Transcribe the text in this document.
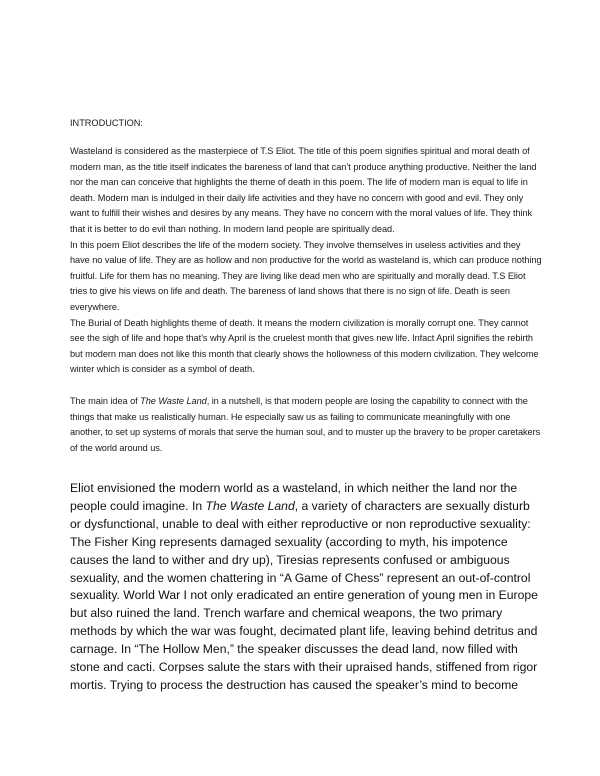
INTRODUCTION:

Wasteland is considered as the masterpiece of T.S Eliot. The title of this poem signifies spiritual and moral death of modern man, as the title itself indicates the bareness of land that can’t produce anything productive. Neither the land nor the man can conceive that highlights the theme of death in this poem. The life of modern man is equal to life in death. Modern man is indulged in their daily life activities and they have no concern with good and evil. They only want to fulfill their wishes and desires by any means. They have no concern with the moral values of life. They think that it is better to do evil than nothing. In modern land people are spiritually dead.

In this poem Eliot describes the life of the modern society. They involve themselves in useless activities and they have no value of life. They are as hollow and non productive for the world as wasteland is, which can produce nothing fruitful. Life for them has no meaning. They are living like dead men who are spiritually and morally dead. T.S Eliot tries to give his views on life and death. The bareness of land shows that there is no sign of life. Death is seen everywhere.

The Burial of Death highlights theme of death. It means the modern civilization is morally corrupt one. They cannot see the sigh of life and hope that’s why April is the cruelest month that gives new life. Infact April signifies the rebirth but modern man does not like this month that clearly shows the hollowness of this modern civilization. They welcome winter which is consider as a symbol of death.

The main idea of The Waste Land, in a nutshell, is that modern people are losing the capability to connect with the things that make us realistically human. He especially saw us as failing to communicate meaningfully with one another, to set up systems of morals that serve the human soul, and to muster up the bravery to be proper caretakers of the world around us.

Eliot envisioned the modern world as a wasteland, in which neither the land nor the people could imagine. In The Waste Land, a variety of characters are sexually disturb or dysfunctional, unable to deal with either reproductive or non reproductive sexuality: The Fisher King represents damaged sexuality (according to myth, his impotence causes the land to wither and dry up), Tiresias represents confused or ambiguous sexuality, and the women chattering in “A Game of Chess” represent an out-of-control sexuality. World War I not only eradicated an entire generation of young men in Europe but also ruined the land. Trench warfare and chemical weapons, the two primary methods by which the war was fought, decimated plant life, leaving behind detritus and carnage. In “The Hollow Men,” the speaker discusses the dead land, now filled with stone and cacti. Corpses salute the stars with their upraised hands, stiffened from rigor mortis. Trying to process the destruction has caused the speaker’s mind to become
